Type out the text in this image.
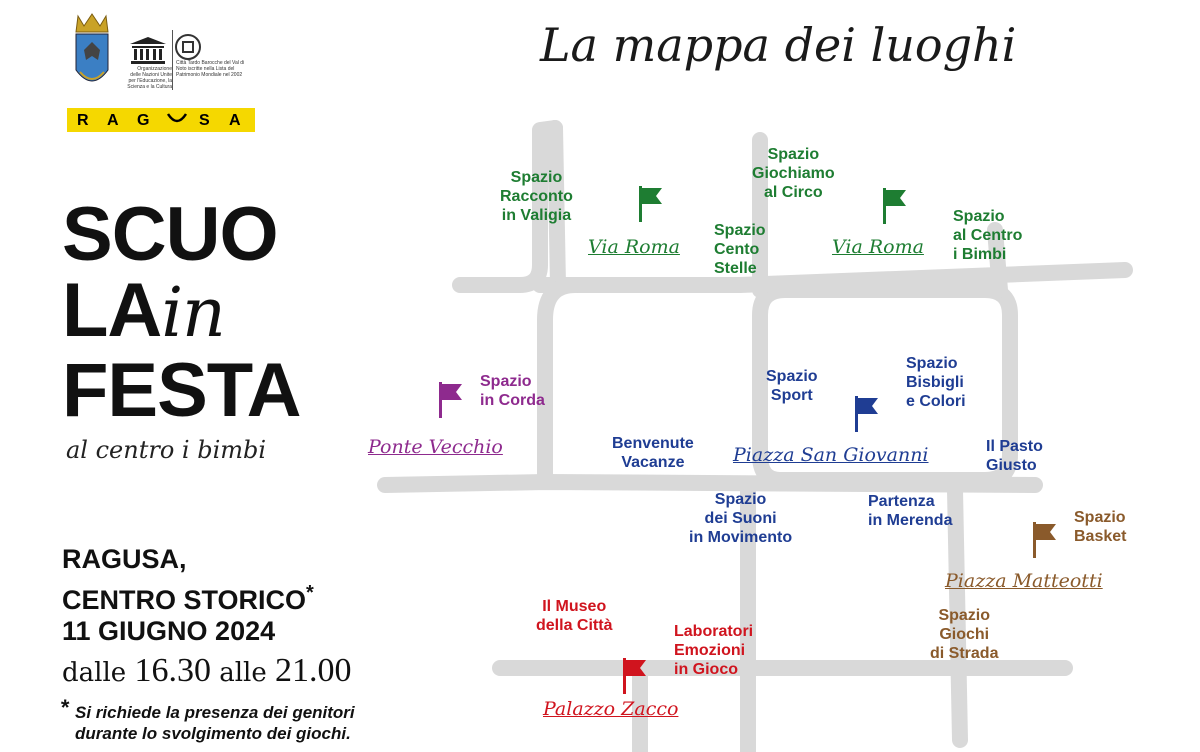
Organizzazione delle Nazioni Unite per l'Educazione, la Scienza e la Cultura
Città Tardo Barocche del Val di Noto iscritte nella Lista del Patrimonio Mondiale nel 2002
R A G	S A
La mappa dei luoghi
SCUO
LAin
FESTA
al centro i bimbi
RAGUSA,
CENTRO STORICO*
11 GIUGNO 2024
dalle 16.30 alle 21.00
* Si richiede la presenza dei genitori
durante lo svolgimento dei giochi.
Spazio
Racconto
in Valigia
Spazio
Giochiamo
al Circo
Spazio
Cento
Stelle
Spazio
al Centro
i Bimbi
Via Roma	Via Roma
Spazio
in Corda
Ponte Vecchio
Spazio
Sport
Spazio
Bisbigli
e Colori
Benvenute
Vacanze	Piazza San Giovanni	Il Pasto
Giusto
Spazio
dei Suoni
in Movimento
Partenza
in Merenda	Spazio
Basket
Piazza Matteotti
Spazio
Giochi
di Strada
Il Museo
della Città	Laboratori
Emozioni
in Gioco
Palazzo Zacco
